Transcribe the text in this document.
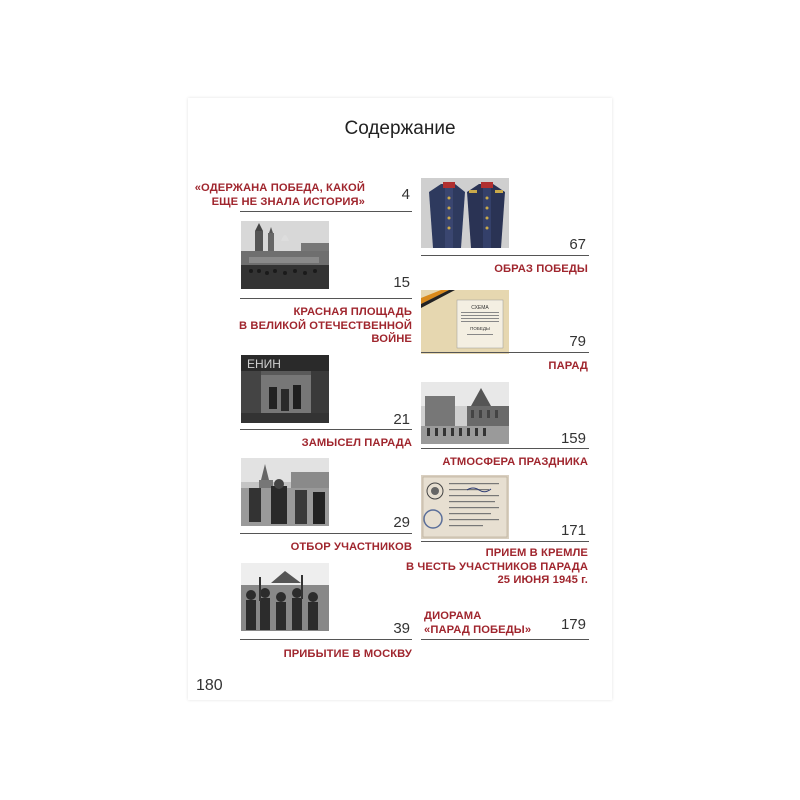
Содержание
«ОДЕРЖАНА ПОБЕДА, КАКОЙ
ЕЩЕ НЕ ЗНАЛА ИСТОРИЯ»	4
15
КРАСНАЯ ПЛОЩАДЬ
В ВЕЛИКОЙ ОТЕЧЕСТВЕННОЙ
ВОЙНЕ
ЕНИН
21
ЗАМЫСЕЛ ПАРАДА
29
ОТБОР УЧАСТНИКОВ
39
ПРИБЫТИЕ В МОСКВУ
67
ОБРАЗ ПОБЕДЫ
СХЕМА
ПОБЕДЫ
79
ПАРАД
159
АТМОСФЕРА ПРАЗДНИКА
171
ПРИЕМ В КРЕМЛЕ
В ЧЕСТЬ УЧАСТНИКОВ ПАРАДА
25 ИЮНЯ 1945 г.
ДИОРАМА
«ПАРАД ПОБЕДЫ»	179
180
